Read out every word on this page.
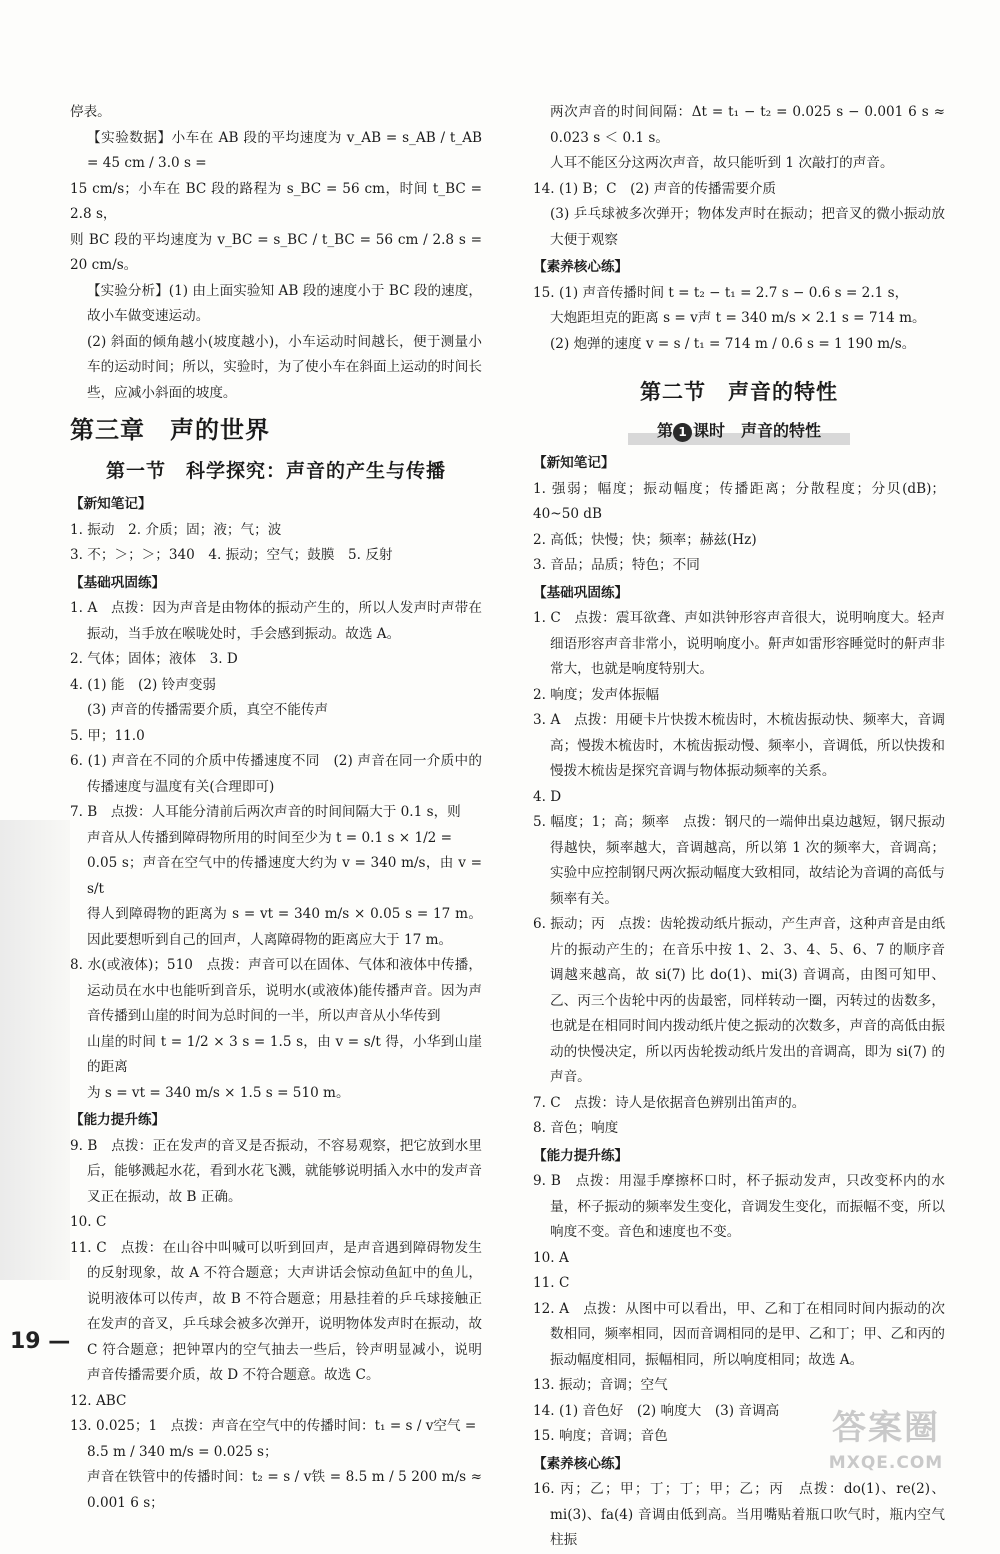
停表。

【实验数据】小车在 AB 段的平均速度为 v_AB = s_AB / t_AB = 45 cm / 3.0 s =

15 cm/s；小车在 BC 段的路程为 s_BC = 56 cm，时间 t_BC = 2.8 s，

则 BC 段的平均速度为 v_BC = s_BC / t_BC = 56 cm / 2.8 s = 20 cm/s。

【实验分析】(1) 由上面实验知 AB 段的速度小于 BC 段的速度，故小车做变速运动。

(2) 斜面的倾角越小(坡度越小)，小车运动时间越长，便于测量小车的运动时间；所以，实验时，为了使小车在斜面上运动的时间长些，应减小斜面的坡度。

第三章　声的世界
第一节　科学探究：声音的产生与传播
【新知笔记】

1. 振动　2. 介质；固；液；气；波

3. 不；＞；＞；340　4. 振动；空气；鼓膜　5. 反射

【基础巩固练】

1. A　点拨：因为声音是由物体的振动产生的，所以人发声时声带在振动，当手放在喉咙处时，手会感到振动。故选 A。

2. 气体；固体；液体　3. D

4. (1) 能　(2) 铃声变弱

(3) 声音的传播需要介质，真空不能传声

5. 甲；11.0

6. (1) 声音在不同的介质中传播速度不同　(2) 声音在同一介质中的传播速度与温度有关(合理即可)

7. B　点拨：人耳能分清前后两次声音的时间间隔大于 0.1 s，则

声音从人传播到障碍物所用的时间至少为 t = 0.1 s × 1/2 =

0.05 s；声音在空气中的传播速度大约为 v = 340 m/s，由 v = s/t

得人到障碍物的距离为 s = vt = 340 m/s × 0.05 s = 17 m。因此要想听到自己的回声，人离障碍物的距离应大于 17 m。

8. 水(或液体)；510　点拨：声音可以在固体、气体和液体中传播，运动员在水中也能听到音乐，说明水(或液体)能传播声音。因为声音传播到山崖的时间为总时间的一半，所以声音从小华传到

山崖的时间 t = 1/2 × 3 s = 1.5 s，由 v = s/t 得，小华到山崖的距离

为 s = vt = 340 m/s × 1.5 s = 510 m。

【能力提升练】

9. B　点拨：正在发声的音叉是否振动，不容易观察，把它放到水里后，能够溅起水花，看到水花飞溅，就能够说明插入水中的发声音叉正在振动，故 B 正确。

10. C

11. C　点拨：在山谷中叫喊可以听到回声，是声音遇到障碍物发生的反射现象，故 A 不符合题意；大声讲话会惊动鱼缸中的鱼儿，说明液体可以传声，故 B 不符合题意；用悬挂着的乒乓球接触正在发声的音叉，乒乓球会被多次弹开，说明物体发声时在振动，故 C 符合题意；把钟罩内的空气抽去一些后，铃声明显减小，说明声音传播需要介质，故 D 不符合题意。故选 C。

12. ABC

13. 0.025；1　点拨：声音在空气中的传播时间：t₁ = s / v空气 =

8.5 m / 340 m/s = 0.025 s；

声音在铁管中的传播时间：t₂ = s / v铁 = 8.5 m / 5 200 m/s ≈ 0.001 6 s；

两次声音的时间间隔：Δt = t₁ − t₂ = 0.025 s − 0.001 6 s ≈ 0.023 s ＜ 0.1 s。

人耳不能区分这两次声音，故只能听到 1 次敲打的声音。

14. (1) B；C　(2) 声音的传播需要介质

(3) 乒乓球被多次弹开；物体发声时在振动；把音叉的微小振动放大便于观察

【素养核心练】

15. (1) 声音传播时间 t = t₂ − t₁ = 2.7 s − 0.6 s = 2.1 s，

大炮距坦克的距离 s = v声 t = 340 m/s × 2.1 s = 714 m。

(2) 炮弹的速度 v = s / t₁ = 714 m / 0.6 s = 1 190 m/s。

第二节　声音的特性
第 1 课时　声音的特性
【新知笔记】

1. 强弱；幅度；振动幅度；传播距离；分散程度；分贝(dB)；40~50 dB

2. 高低；快慢；快；频率；赫兹(Hz)

3. 音品；品质；特色；不同

【基础巩固练】

1. C　点拨：震耳欲聋、声如洪钟形容声音很大，说明响度大。轻声细语形容声音非常小，说明响度小。鼾声如雷形容睡觉时的鼾声非常大，也就是响度特别大。

2. 响度；发声体振幅

3. A　点拨：用硬卡片快拨木梳齿时，木梳齿振动快、频率大，音调高；慢拨木梳齿时，木梳齿振动慢、频率小，音调低，所以快拨和慢拨木梳齿是探究音调与物体振动频率的关系。

4. D

5. 幅度；1；高；频率　点拨：钢尺的一端伸出桌边越短，钢尺振动得越快，频率越大，音调越高，所以第 1 次的频率大，音调高；实验中应控制钢尺两次振动幅度大致相同，故结论为音调的高低与频率有关。

6. 振动；丙　点拨：齿轮拨动纸片振动，产生声音，这种声音是由纸片的振动产生的；在音乐中按 1、2、3、4、5、6、7 的顺序音调越来越高，故 si(7) 比 do(1)、mi(3) 音调高，由图可知甲、乙、丙三个齿轮中丙的齿最密，同样转动一圈，丙转过的齿数多，也就是在相同时间内拨动纸片使之振动的次数多，声音的高低由振动的快慢决定，所以丙齿轮拨动纸片发出的音调高，即为 si(7) 的声音。

7. C　点拨：诗人是依据音色辨别出笛声的。

8. 音色；响度

【能力提升练】

9. B　点拨：用湿手摩擦杯口时，杯子振动发声，只改变杯内的水量，杯子振动的频率发生变化，音调发生变化，而振幅不变，所以响度不变。音色和速度也不变。

10. A

11. C

12. A　点拨：从图中可以看出，甲、乙和丁在相同时间内振动的次数相同，频率相同，因而音调相同的是甲、乙和丁；甲、乙和丙的振动幅度相同，振幅相同，所以响度相同；故选 A。

13. 振动；音调；空气

14. (1) 音色好　(2) 响度大　(3) 音调高

15. 响度；音调；音色

【素养核心练】

16. 丙；乙；甲；丁；丁；甲；乙；丙　点拨：do(1)、re(2)、mi(3)、fa(4) 音调由低到高。当用嘴贴着瓶口吹气时，瓶内空气柱振

19 —
答案圈
MXQE.COM
